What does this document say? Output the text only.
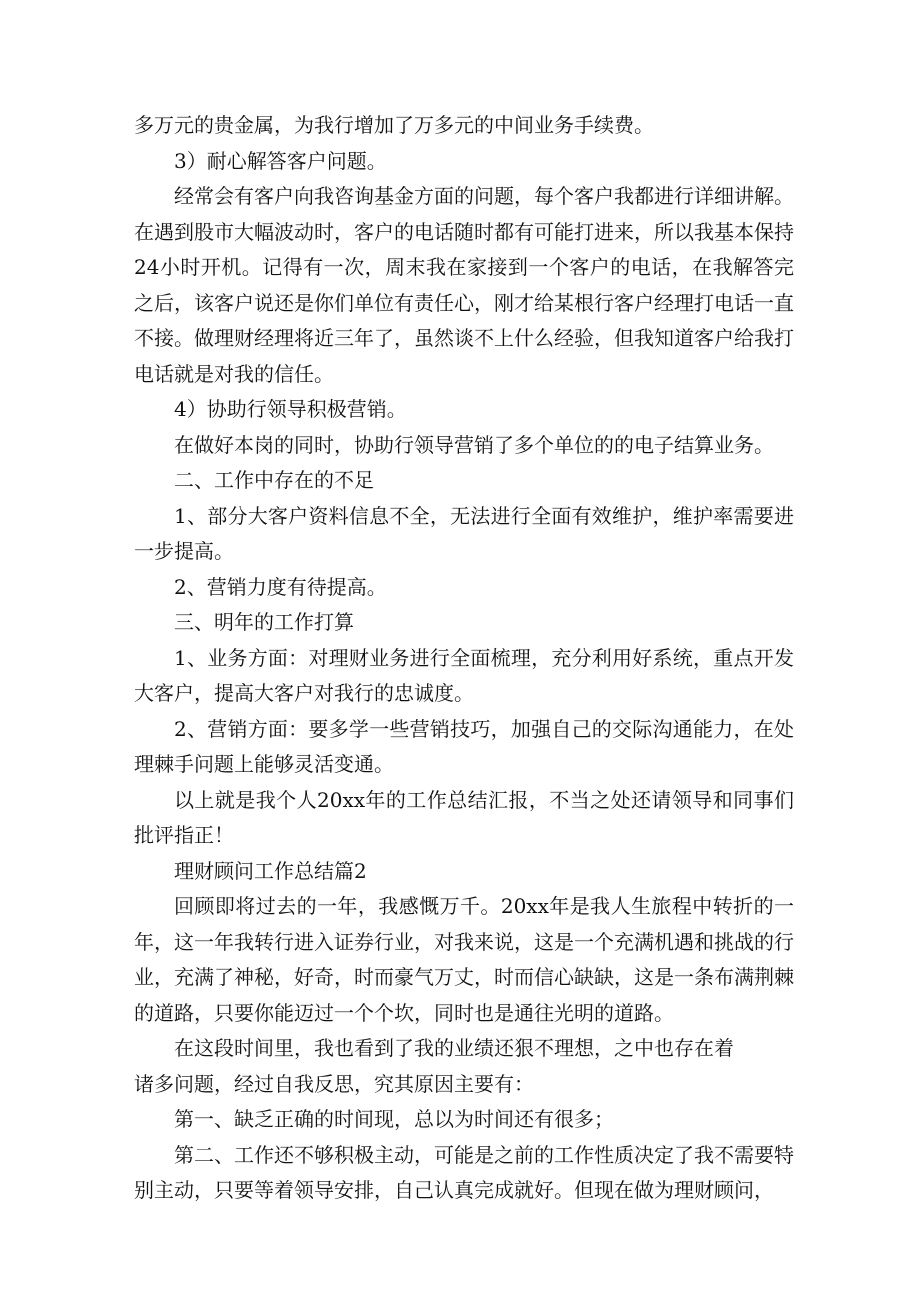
多万元的贵金属，为我行增加了万多元的中间业务手续费。

3）耐心解答客户问题。

经常会有客户向我咨询基金方面的问题，每个客户我都进行详细讲解。在遇到股市大幅波动时，客户的电话随时都有可能打进来，所以我基本保持24小时开机。记得有一次，周末我在家接到一个客户的电话，在我解答完之后，该客户说还是你们单位有责任心，刚才给某根行客户经理打电话一直不接。做理财经理将近三年了，虽然谈不上什么经验，但我知道客户给我打电话就是对我的信任。

4）协助行领导积极营销。

在做好本岗的同时，协助行领导营销了多个单位的的电子结算业务。

二、工作中存在的不足

1、部分大客户资料信息不全，无法进行全面有效维护，维护率需要进一步提高。

2、营销力度有待提高。

三、明年的工作打算

1、业务方面：对理财业务进行全面梳理，充分利用好系统，重点开发大客户，提高大客户对我行的忠诚度。

2、营销方面：要多学一些营销技巧，加强自己的交际沟通能力，在处理棘手问题上能够灵活变通。

以上就是我个人20xx年的工作总结汇报，不当之处还请领导和同事们批评指正！

理财顾问工作总结篇2

回顾即将过去的一年，我感慨万千。20xx年是我人生旅程中转折的一年，这一年我转行进入证券行业，对我来说，这是一个充满机遇和挑战的行业，充满了神秘，好奇，时而豪气万丈，时而信心缺缺，这是一条布满荆棘的道路，只要你能迈过一个个坎，同时也是通往光明的道路。

在这段时间里，我也看到了我的业绩还狠不理想，之中也存在着
诸多问题，经过自我反思，究其原因主要有：

第一、缺乏正确的时间现，总以为时间还有很多；

第二、工作还不够积极主动，可能是之前的工作性质决定了我不需要特别主动，只要等着领导安排，自己认真完成就好。但现在做为理财顾问，
